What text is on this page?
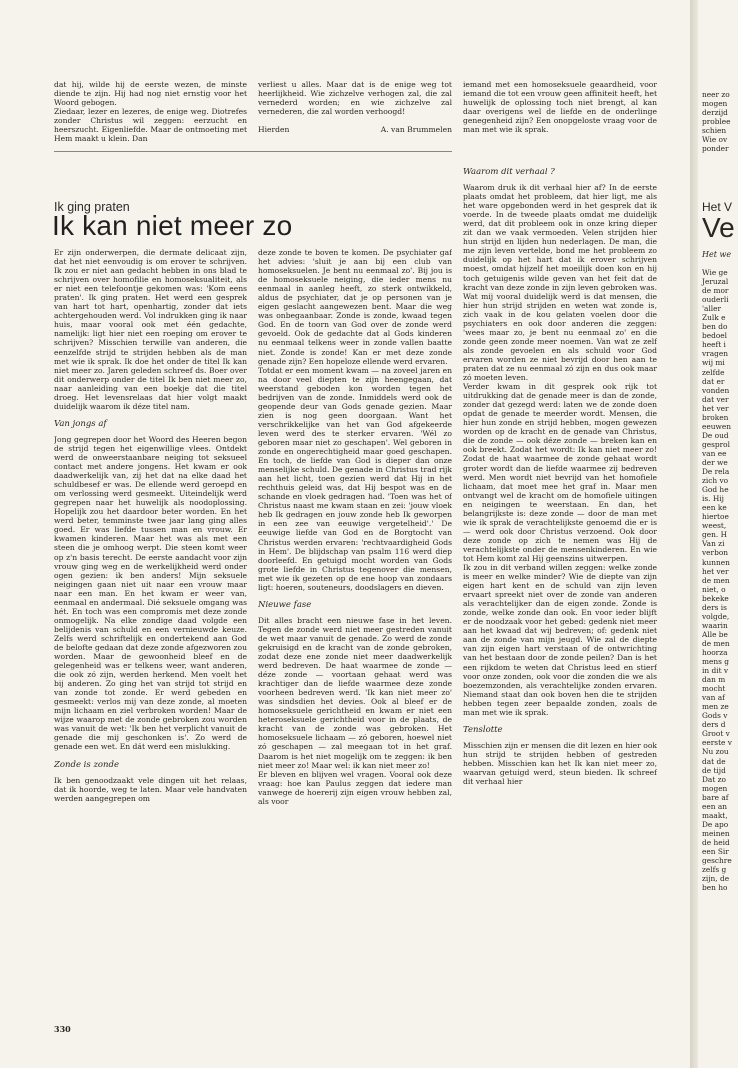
dat hij, wilde hij de eerste wezen, de minste diende te zijn. Hij had nog niet ernstig voor het Woord gebogen.

Ziedaar, lezer en lezeres, de enige weg. Diotrefes zonder Christus wil zeggen: eerzucht en heerszucht. Eigenliefde. Maar de ontmoeting met Hem maakt u klein. Dan

verliest u alles. Maar dat is de enige weg tot heerlijkheid. Wie zichzelve verhogen zal, die zal vernederd worden; en wie zichzelve zal vernederen, die zal worden verhoogd!

Hierden	A. van Brummelen

iemand met een homoseksuele geaardheid, voor iemand die tot een vrouw geen affiniteit heeft, het huwelijk de oplossing toch niet brengt, al kan daar overigens wel de liefde en de onderlinge genegenheid zijn? Een onopgeloste vraag voor de man met wie ik sprak.

Ik ging praten
Ik kan niet meer zo

Er zijn onderwerpen, die dermate delicaat zijn, dat het niet eenvoudig is om erover te schrijven. Ik zou er niet aan gedacht hebben in ons blad te schrijven over homofilie en homoseksualiteit, als er niet een telefoontje gekomen was: 'Kom eens praten'. Ik ging praten. Het werd een gesprek van hart tot hart, openhartig, zonder dat iets achtergehouden werd. Vol indrukken ging ik naar huis, maar vooral ook met één gedachte, namelijk: ligt hier niet een roeping om erover te schrijven? Misschien terwille van anderen, die eenzelfde strijd te strijden hebben als de man met wie ik sprak. Ik doe het onder de titel Ik kan niet meer zo. Jaren geleden schreef ds. Boer over dit onderwerp onder de titel Ik ben niet meer zo, naar aanleiding van een boekje dat die titel droeg. Het levensrelaas dat hier volgt maakt duidelijk waarom ik déze titel nam.

Van jongs af

Jong gegrepen door het Woord des Heeren begon de strijd tegen het eigenwillige vlees. Ontdekt werd de onweerstaanbare neiging tot seksueel contact met andere jongens. Het kwam er ook daadwerkelijk van, zij het dat na elke daad het schuldbesef er was. De ellende werd geroepd en om verlossing werd gesmeekt. Uiteindelijk werd gegrepen naar het huwelijk als noodoplossing. Hopelijk zou het daardoor beter worden. En het werd beter, temminste twee jaar lang ging alles goed. Er was liefde tussen man en vrouw. Er kwamen kinderen. Maar het was als met een steen die je omhoog werpt. Die steen komt weer op z'n basis terecht. De eerste aandacht voor zijn vrouw ging weg en de werkelijkheid werd onder ogen gezien: ik ben anders! Mijn seksuele neigingen gaan niet uit naar een vrouw maar naar een man. En het kwam er weer van, eenmaal en andermaal. Dié seksuele omgang was hét. En toch was een compromis met deze zonde onmogelijk. Na elke zondige daad volgde een belijdenis van schuld en een vernieuwde keuze. Zelfs werd schriftelijk en ondertekend aan God de belofte gedaan dat deze zonde afgezworen zou worden. Maar de gewoonheid bleef en de gelegenheid was er telkens weer, want anderen, die ook zó zijn, werden herkend. Men voelt het bij anderen. Zo ging het van strijd tot strijd en van zonde tot zonde. Er werd gebeden en gesmeekt: verlos mij van deze zonde, al moeten mijn lichaam en ziel verbroken worden! Maar de wijze waarop met de zonde gebroken zou worden was vanuit de wet: 'Ik ben het verplicht vanuit de genade die mij geschonken is'. Zo werd de genade een wet. En dát werd een mislukking.

Zonde is zonde

Ik ben genoodzaakt vele dingen uit het relaas, dat ik hoorde, weg te laten. Maar vele handvaten werden aangegrepen om

330

deze zonde te boven te komen. De psychiater gaf het advies: 'sluit je aan bij een club van homoseksuelen. Je bent nu eenmaal zo'. Bij jou is de homoseksuele neiging, die ieder mens nu eenmaal in aanleg heeft, zo sterk ontwikkeld, aldus de psychiater, dat je op personen van je eigen geslacht aangewezen bent. Maar die weg was onbegaanbaar. Zonde is zonde, kwaad tegen God. En de toorn van God over de zonde werd gevoeld. Ook de gedachte dat al Gods kinderen nu eenmaal telkens weer in zonde vallen baatte niet. Zonde is zonde! Kan er met deze zonde genade zijn? Een hopeloze ellende werd ervaren.

Totdat er een moment kwam — na zoveel jaren en na door veel diepten te zijn heengegaan, dat weerstand geboden kon worden tegen het bedrijven van de zonde. Inmiddels werd ook de geopende deur van Gods genade gezien. Maar zien is nog geen doorgaan. Want het verschrikkelijke van het van God afgekeerde leven werd des te sterker ervaren. 'Wél zo geboren maar niet zo geschapen'. Wel geboren in zonde en ongerechtigheid maar goed geschapen. En toch, de liefde van God is dieper dan onze menselijke schuld. De genade in Christus trad rijk aan het licht, toen gezien werd dat Hij in het rechthuis geleid was, dat Hij bespot was en de schande en vloek gedragen had. 'Toen was het of Christus naast me kwam staan en zei: 'jouw vloek heb Ik gedragen en jouw zonde heb Ik geworpen in een zee van eeuwige vergetelheid'.' De eeuwige liefde van God en de Borgtocht van Christus werden ervaren: 'rechtvaardigheid Gods in Hem'. De blijdschap van psalm 116 werd diep doorleefd. En getuigd mocht worden van Gods grote liefde in Christus tegenover die mensen, met wie ik gezeten op de ene hoop van zondaars ligt: hoeren, souteneurs, doodslagers en dieven.

Nieuwe fase

Dit alles bracht een nieuwe fase in het leven. Tegen de zonde werd niet meer gestreden vanuit de wet maar vanuit de genade. Zo werd de zonde gekruisigd en de kracht van de zonde gebroken, zodat deze ene zonde niet meer daadwerkelijk werd bedreven. De haat waarmee de zonde — déze zonde — voortaan gehaat werd was krachtiger dan de liefde waarmee deze zonde voorheen bedreven werd. 'Ik kan niet meer zo' was sindsdien het devies. Ook al bleef er de homoseksuele gerichtheid en kwam er niet een heteroseksuele gerichtheid voor in de plaats, de kracht van de zonde was gebroken. Het homoseksuele lichaam — zó geboren, hoewel niet zó geschapen — zal meegaan tot in het graf. Daarom is het niet mogelijk om te zeggen: ik ben niet meer zo! Maar wel: ik kan niet meer zo!

Er bleven en blijven wel vragen. Vooral ook deze vraag: hoe kan Paulus zeggen dat iedere man vanwege de hoererij zijn eigen vrouw hebben zal, als voor

Waarom dit verhaal ?

Waarom druk ik dit verhaal hier af? In de eerste plaats omdat het probleem, dat hier ligt, me als het ware opgebonden werd in het gesprek dat ik voerde. In de tweede plaats omdat me duidelijk werd, dat dit probleem ook in onze kring dieper zit dan we vaak vermoeden. Velen strijden hier hun strijd en lijden hun nederlagen. De man, die me zijn leven vertelde, bond me het probleem zo duidelijk op het hart dat ik erover schrijven moest, omdat hijzelf het moeilijk doen kon en hij toch getuigenis wilde geven van het feit dat de kracht van deze zonde in zijn leven gebroken was. Wat mij vooral duidelijk werd is dat mensen, die hier hun strijd strijden en weten wat zonde is, zich vaak in de kou gelaten voelen door die psychiaters en ook door anderen die zeggen: 'wees maar zo, je bent nu eenmaal zo' en die zonde geen zonde meer noemen. Van wat ze zelf als zonde gevoelen en als schuld voor God ervaren worden ze niet bevrijd door hen aan te praten dat ze nu eenmaal zó zijn en dus ook maar zó moeten leven.

Verder kwam in dit gesprek ook rijk tot uitdrukking dat de genade meer is dan de zonde, zonder dat gezegd werd: laten we de zonde doen opdat de genade te meerder wordt. Mensen, die hier hun zonde en strijd hebben, mogen gewezen worden op de kracht en de genade van Christus, die de zonde — ook déze zonde — breken kan en ook breekt. Zodat het wordt: Ik kan niet meer zo! Zodat de haat waarmee de zonde gehaat wordt groter wordt dan de liefde waarmee zij bedreven werd. Men wordt niet bevrijd van het homofiele lichaam, dat moet mee het graf in. Maar men ontvangt wel de kracht om de homofiele uitingen en neigingen te weerstaan. En dan, het belangrijkste is: deze zonde — door de man met wie ik sprak de verachtelijkste genoemd die er is — werd ook door Christus verzoend. Ook door deze zonde op zich te nemen was Hij de verachtelijkste onder de mensenkinderen. En wie tot Hem komt zal Hij geenszins uitwerpen.

Ik zou in dit verband willen zeggen: welke zonde is meer en welke minder? Wie de diepte van zijn eigen hart kent en de schuld van zijn leven ervaart spreekt niet over de zonde van anderen als verachtelijker dan de eigen zonde. Zonde is zonde, welke zonde dan ook. En voor ieder blijft er de noodzaak voor het gebed: gedenk niet meer aan het kwaad dat wij bedreven; of: gedenk niet aan de zonde van mijn jeugd. Wie zal de diepte van zijn eigen hart verstaan of de ontwrichting van het bestaan door de zonde peilen? Dan is het een rijkdom te weten dat Christus leed en stierf voor onze zonden, ook voor die zonden die we als boezemzonden, als verachtelijke zonden ervaren. Niemand staat dan ook boven hen die te strijden hebben tegen zeer bepaalde zonden, zoals de man met wie ik sprak.

Tenslotte

Misschien zijn er mensen die dit lezen en hier ook hun strijd te strijden hebben of gestreden hebben. Misschien kan het Ik kan niet meer zo, waarvan getuigd werd, steun bieden. Ik schreef dit verhaal hier

neer zo
mogen
derzijd
problee
schien
Wie ov
ponder
Het V
Ve
Het we
Wie ge
Jeruzal
de mor
ouderli
'aller
Zulk e
ben do
bedoel
heeft i
vragen
wij mi
zelfde
dat er
vonden
dat ver
het ver
broken
eeuwen
De oud
gesprol
van ee
der we
De rela
zich vo
God he
is. Hij
een ke
hiertoe
weest,
gen. H
Van zi
verbon
kunnen
het ver
de men
niet, o
bekeke
ders is
volgde,
waarin
Alle be
de men
hoorza
mens g
in dit v
dan m
mocht
van af
men ze
Gods v
ders d
Groot v
eerste v
Nu zou
dat de
de tijd
Dat zo
mogen
bare af
een an
maakt,
De apo
meinen
de heid
een Sir
geschre
zelfs g
zijn, de
ben ho
